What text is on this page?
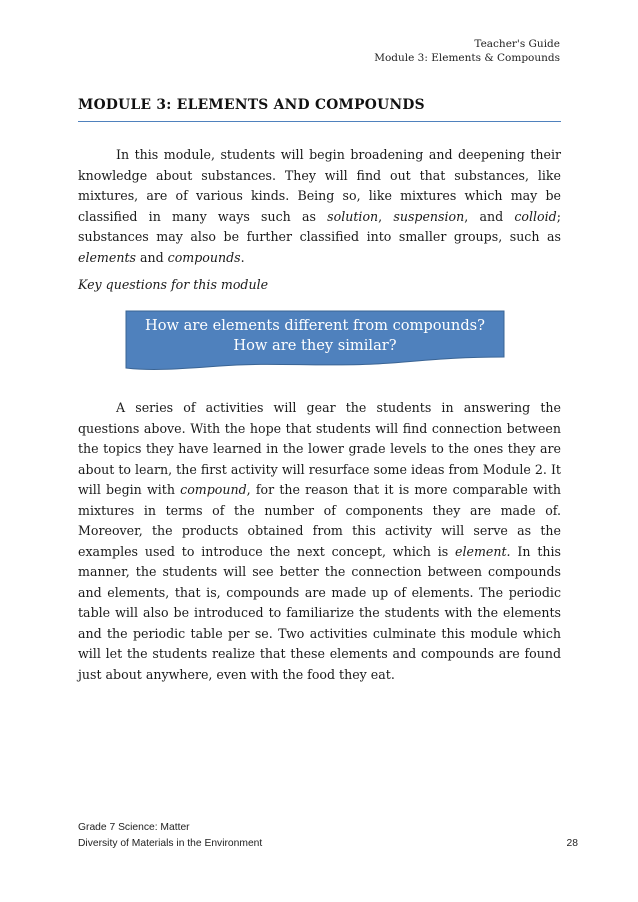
Teacher's Guide
Module 3: Elements & Compounds
MODULE 3: ELEMENTS AND COMPOUNDS
In this module, students will begin broadening and deepening their knowledge about substances. They will find out that substances, like mixtures, are of various kinds. Being so, like mixtures which may be classified in many ways such as solution, suspension, and colloid; substances may also be further classified into smaller groups, such as elements and compounds.
Key questions for this module
How are elements different from compounds?
How are they similar?
A series of activities will gear the students in answering the questions above. With the hope that students will find connection between the topics they have learned in the lower grade levels to the ones they are about to learn, the first activity will resurface some ideas from Module 2. It will begin with compound, for the reason that it is more comparable with mixtures in terms of the number of components they are made of. Moreover, the products obtained from this activity will serve as the examples used to introduce the next concept, which is element. In this manner, the students will see better the connection between compounds and elements, that is, compounds are made up of elements. The periodic table will also be introduced to familiarize the students with the elements and the periodic table per se. Two activities culminate this module which will let the students realize that these elements and compounds are found just about anywhere, even with the food they eat.
Grade 7 Science: Matter
Diversity of Materials in the Environment	28
